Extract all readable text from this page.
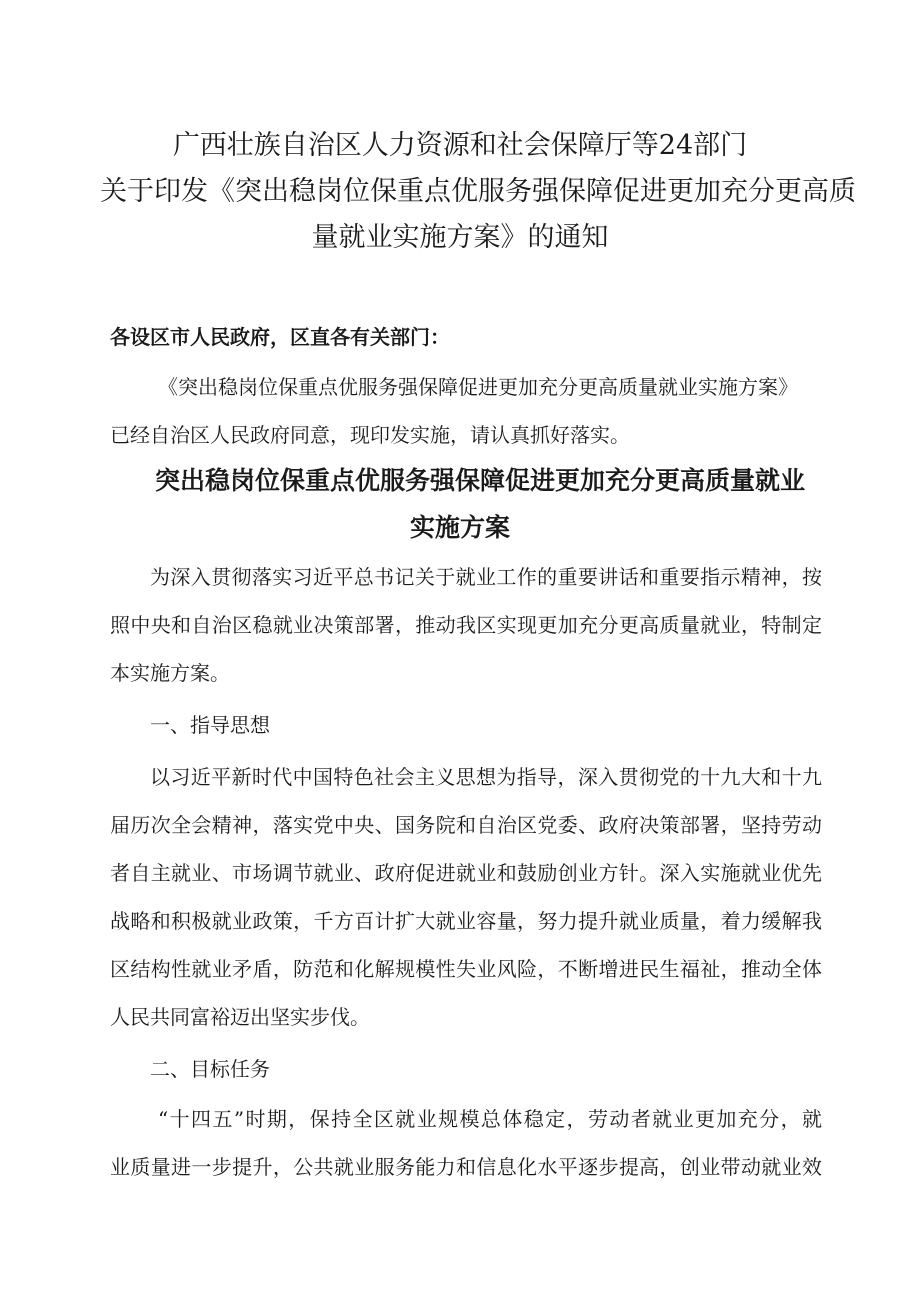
广西壮族自治区人力资源和社会保障厅等24部门
关于印发《突出稳岗位保重点优服务强保障促进更加充分更高质
量就业实施方案》的通知

各设区市人民政府，区直各有关部门：

《突出稳岗位保重点优服务强保障促进更加充分更高质量就业实施方案》

已经自治区人民政府同意，现印发实施，请认真抓好落实。

突出稳岗位保重点优服务强保障促进更加充分更高质量就业
实施方案

为深入贯彻落实习近平总书记关于就业工作的重要讲话和重要指示精神，按

照中央和自治区稳就业决策部署，推动我区实现更加充分更高质量就业，特制定

本实施方案。

一、指导思想

以习近平新时代中国特色社会主义思想为指导，深入贯彻党的十九大和十九

届历次全会精神，落实党中央、国务院和自治区党委、政府决策部署，坚持劳动

者自主就业、市场调节就业、政府促进就业和鼓励创业方针。深入实施就业优先

战略和积极就业政策，千方百计扩大就业容量，努力提升就业质量，着力缓解我

区结构性就业矛盾，防范和化解规模性失业风险，不断增进民生福祉，推动全体

人民共同富裕迈出坚实步伐。

二、目标任务

“十四五”时期，保持全区就业规模总体稳定，劳动者就业更加充分，就

业质量进一步提升，公共就业服务能力和信息化水平逐步提高，创业带动就业效
